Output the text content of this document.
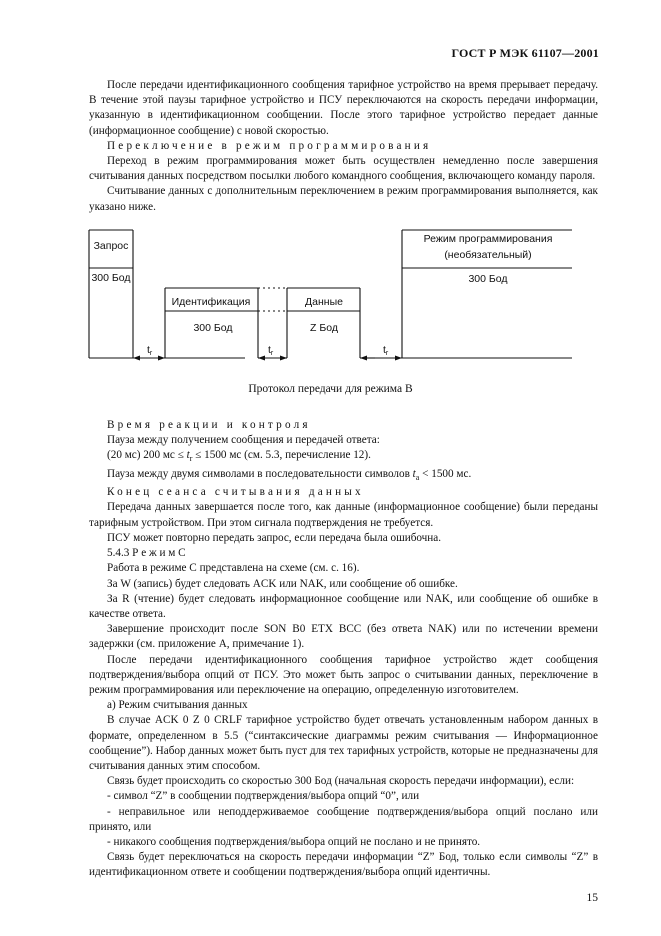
ГОСТ Р МЭК 61107—2001

После передачи идентификационного сообщения тарифное устройство на время прерывает передачу. В течение этой паузы тарифное устройство и ПСУ переключаются на скорость передачи информации, указанную в идентификационном сообщении. После этого тарифное устройство передает данные (информационное сообщение) с новой скоростью.

Переключение в режим программирования

Переход в режим программирования может быть осуществлен немедленно после завершения считывания данных посредством посылки любого командного сообщения, включающего команду пароля.

Считывание данных с дополнительным переключением в режим программирования выполняется, как указано ниже.

Запрос
300 Бод
Идентификация
300 Бод
Данные
Z Бод
Режим программирования
(необязательный)
300 Бод
tr	tr	tr
Протокол передачи для режима В

Время реакции и контроля

Пауза между получением сообщения и передачей ответа:

(20 мс) 200 мс ≤ $t_r \le 1500$ мс (см. 5.3, перечисление 12).

Пауза между двумя символами в последовательности символов $t_a < 1500$ мс.

Конец сеанса считывания данных

Передача данных завершается после того, как данные (информационное сообщение) были переданы тарифным устройством. При этом сигнала подтверждения не требуется.

ПСУ может повторно передать запрос, если передача была ошибочна.

5.4.3 Р е ж и м С

Работа в режиме С представлена на схеме (см. с. 16).

За W (запись) будет следовать ACK или NAK, или сообщение об ошибке.

За R (чтение) будет следовать информационное сообщение или NAK, или сообщение об ошибке в качестве ответа.

Завершение происходит после SON B0 ETX BCC (без ответа NAK) или по истечении времени задержки (см. приложение А, примечание 1).

После передачи идентификационного сообщения тарифное устройство ждет сообщения подтверждения/выбора опций от ПСУ. Это может быть запрос о считывании данных, переключение в режим программирования или переключение на операцию, определенную изготовителем.

а) Режим считывания данных

В случае ACK 0 Z 0 CRLF тарифное устройство будет отвечать установленным набором данных в формате, определенном в 5.5 (“синтаксические диаграммы режим считывания — Информационное сообщение”). Набор данных может быть пуст для тех тарифных устройств, которые не предназначены для считывания данных этим способом.

Связь будет происходить со скоростью 300 Бод (начальная скорость передачи информации), если:

- символ “Z” в сообщении подтверждения/выбора опций “0”, или

- неправильное или неподдерживаемое сообщение подтверждения/выбора опций послано или принято, или

- никакого сообщения подтверждения/выбора опций не послано и не принято.

Связь будет переключаться на скорость передачи информации “Z” Бод, только если символы “Z” в идентификационном ответе и сообщении подтверждения/выбора опций идентичны.

15
